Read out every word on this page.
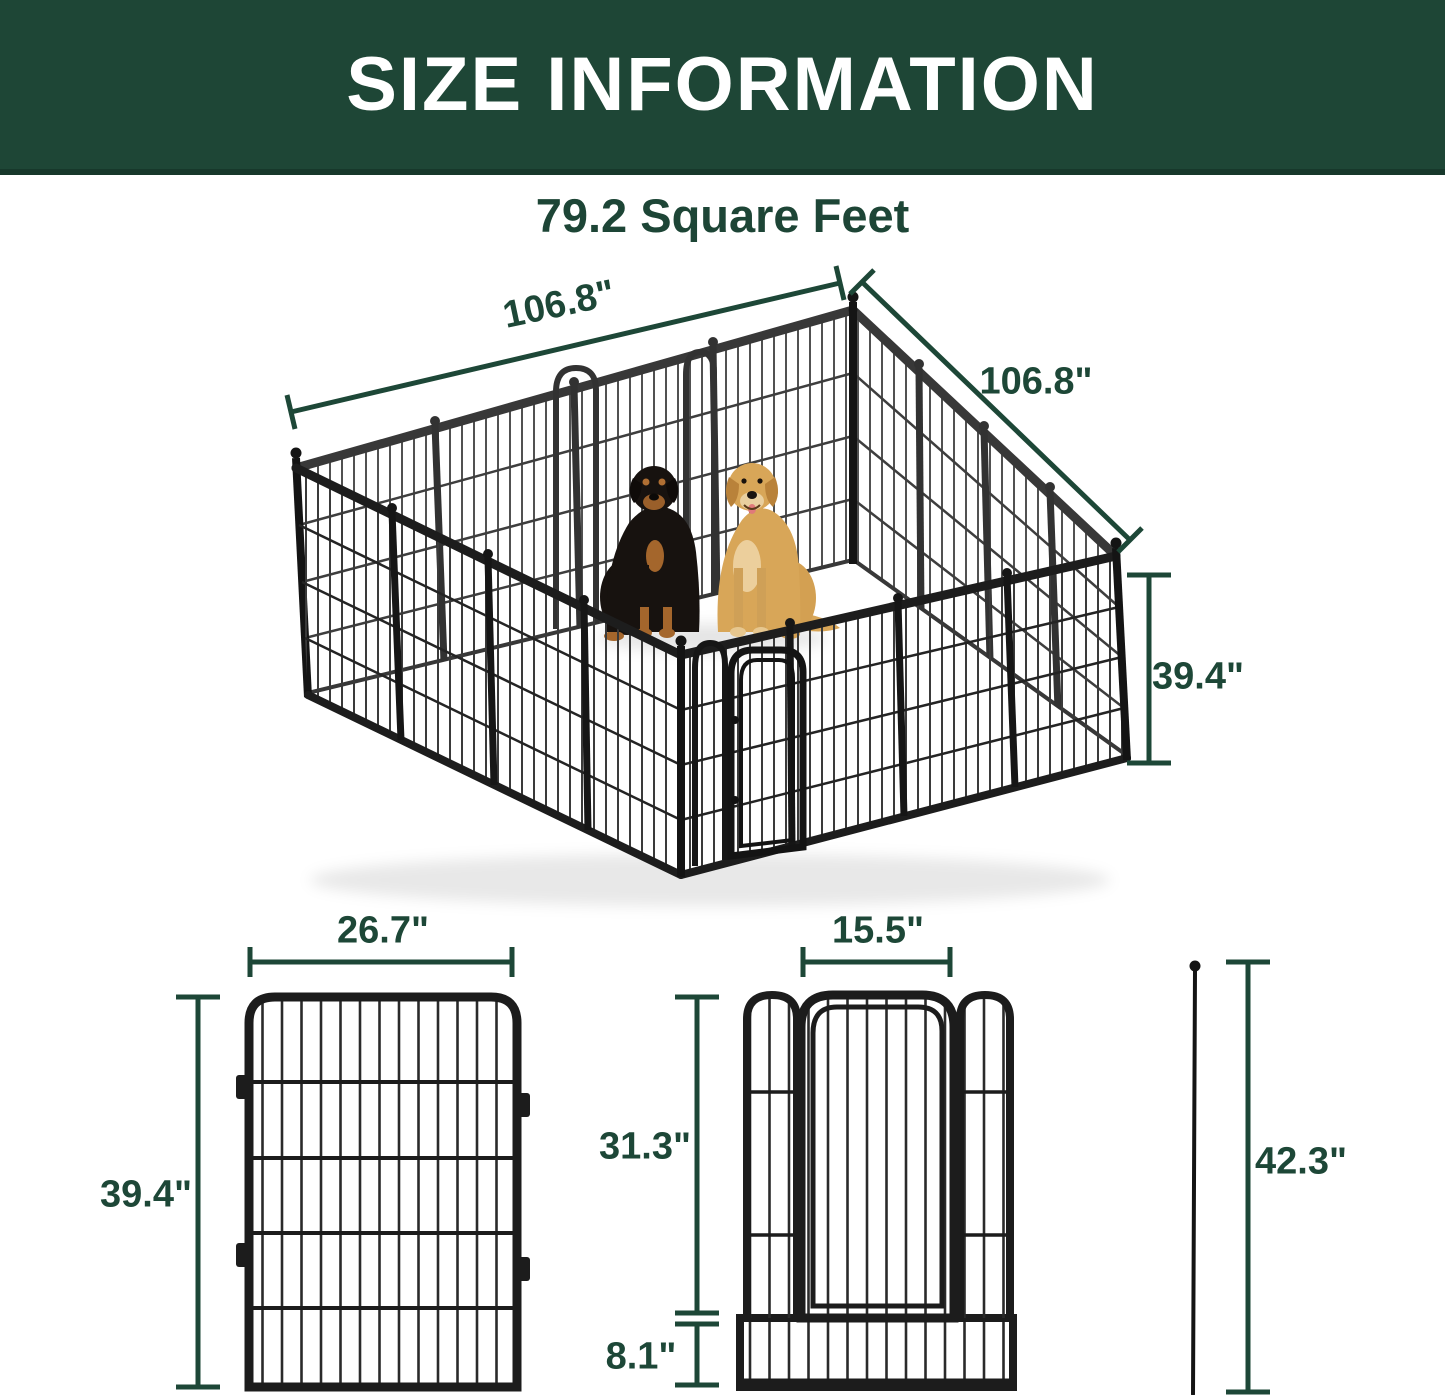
SIZE INFORMATION
79.2 Square Feet
106.8"
106.8"
39.4"
26.7"
39.4"
15.5"
31.3"
8.1"
42.3"
